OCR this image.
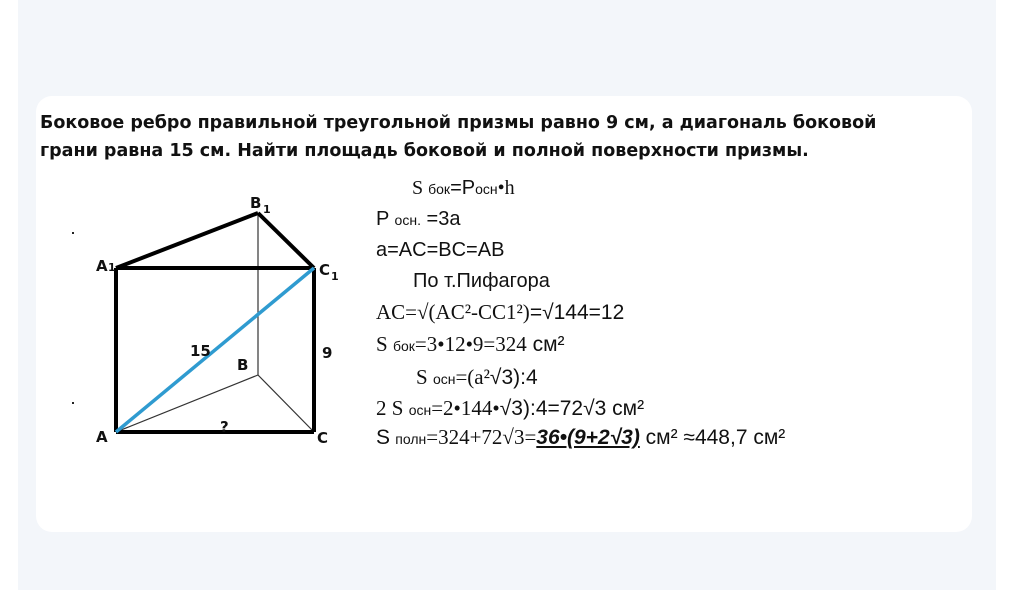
Боковое ребро правильной треугольной призмы равно 9 см, а диагональ боковой
грани равна 15 см. Найти площадь боковой и полной поверхности призмы.
B 1
A 1	C 1
B
A	C
15	9
?
S бок=Pосн•h
P осн. =3a
a=AC=BC=AB
По т.Пифагора
AC=√(AC²-CC1²)=√144=12
S бок=3•12•9=324 см²
S осн=(a²√3):4
2 S осн=2•144•√3):4=72√3 см²
S полн=324+72√3=36•(9+2√3) см² ≈448,7 см²
